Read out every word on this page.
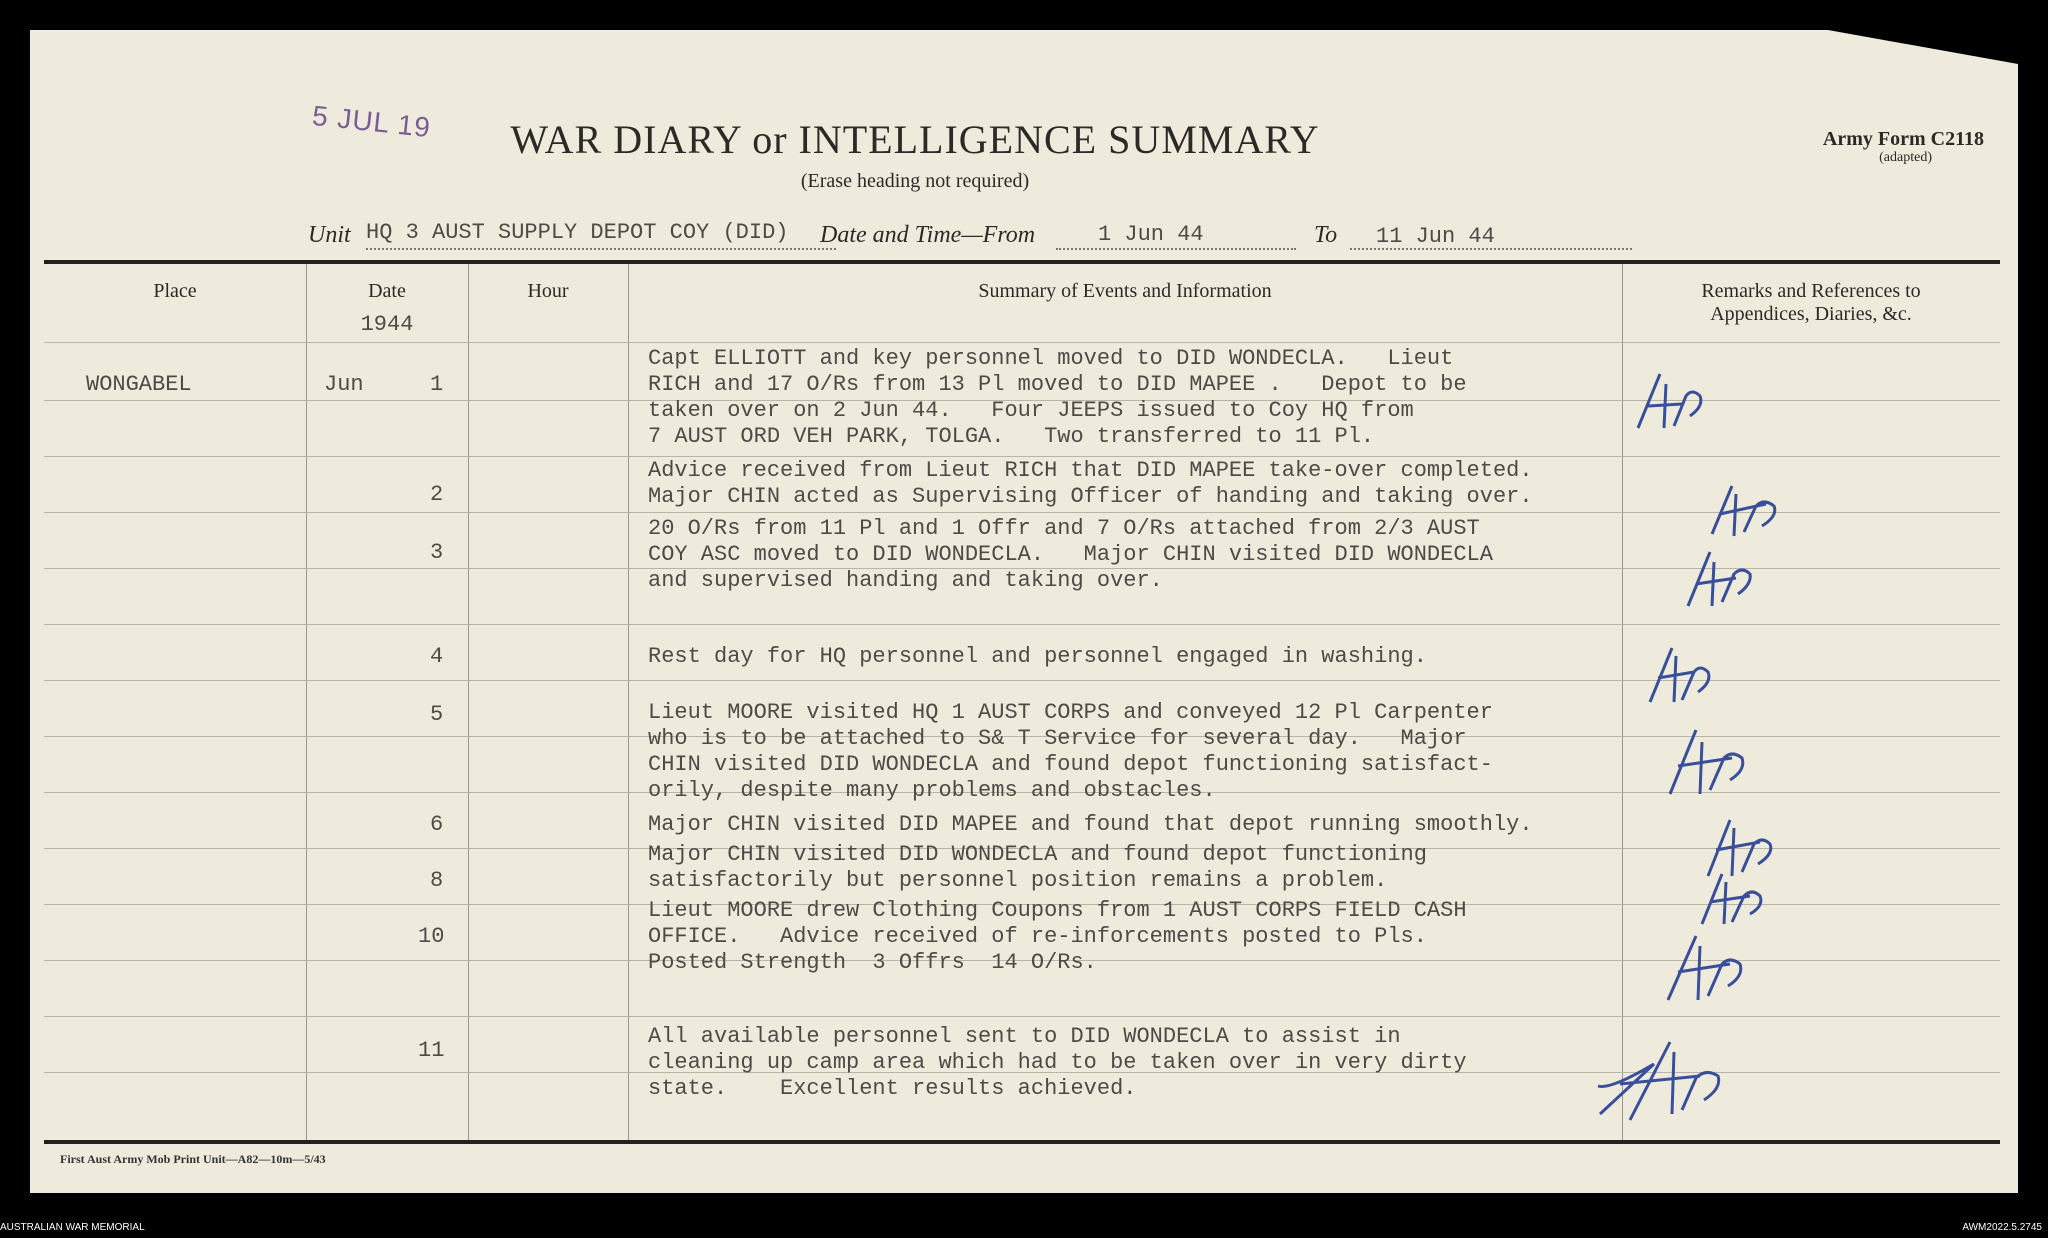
5 JUL 19	WAR DIARY or INTELLIGENCE SUMMARY
(Erase heading not required)
Army Form C2118
(adapted)
Unit HQ 3 AUST SUPPLY DEPOT COY (DID) Date and Time—From	1 Jun 44	To 11 Jun 44
Place	Date
1944
Hour	Summary of Events and Information	Remarks and References to
Appendices, Diaries, &c.
WONGABEL	Jun	1
Capt ELLIOTT and key personnel moved to DID WONDECLA.   Lieut
RICH and 17 O/Rs from 13 Pl moved to DID MAPEE .   Depot to be
taken over on 2 Jun 44.   Four JEEPS issued to Coy HQ from
7 AUST ORD VEH PARK, TOLGA.   Two transferred to 11 Pl.
2
Advice received from Lieut RICH that DID MAPEE take-over completed.
Major CHIN acted as Supervising Officer of handing and taking over.
3
20 O/Rs from 11 Pl and 1 Offr and 7 O/Rs attached from 2/3 AUST
COY ASC moved to DID WONDECLA.   Major CHIN visited DID WONDECLA
and supervised handing and taking over.
4	Rest day for HQ personnel and personnel engaged in washing.
5	Lieut MOORE visited HQ 1 AUST CORPS and conveyed 12 Pl Carpenter
who is to be attached to S& T Service for several day.   Major
CHIN visited DID WONDECLA and found depot functioning satisfact-
orily, despite many problems and obstacles.
6	Major CHIN visited DID MAPEE and found that depot running smoothly.
8
Major CHIN visited DID WONDECLA and found depot functioning
satisfactorily but personnel position remains a problem.
10
Lieut MOORE drew Clothing Coupons from 1 AUST CORPS FIELD CASH
OFFICE.   Advice received of re-inforcements posted to Pls.
Posted Strength  3 Offrs  14 O/Rs.
11
All available personnel sent to DID WONDECLA to assist in
cleaning up camp area which had to be taken over in very dirty
state.    Excellent results achieved.
First Aust Army Mob Print Unit—A82—10m—5/43
AUSTRALIAN WAR MEMORIAL	AWM2022.5.2745
